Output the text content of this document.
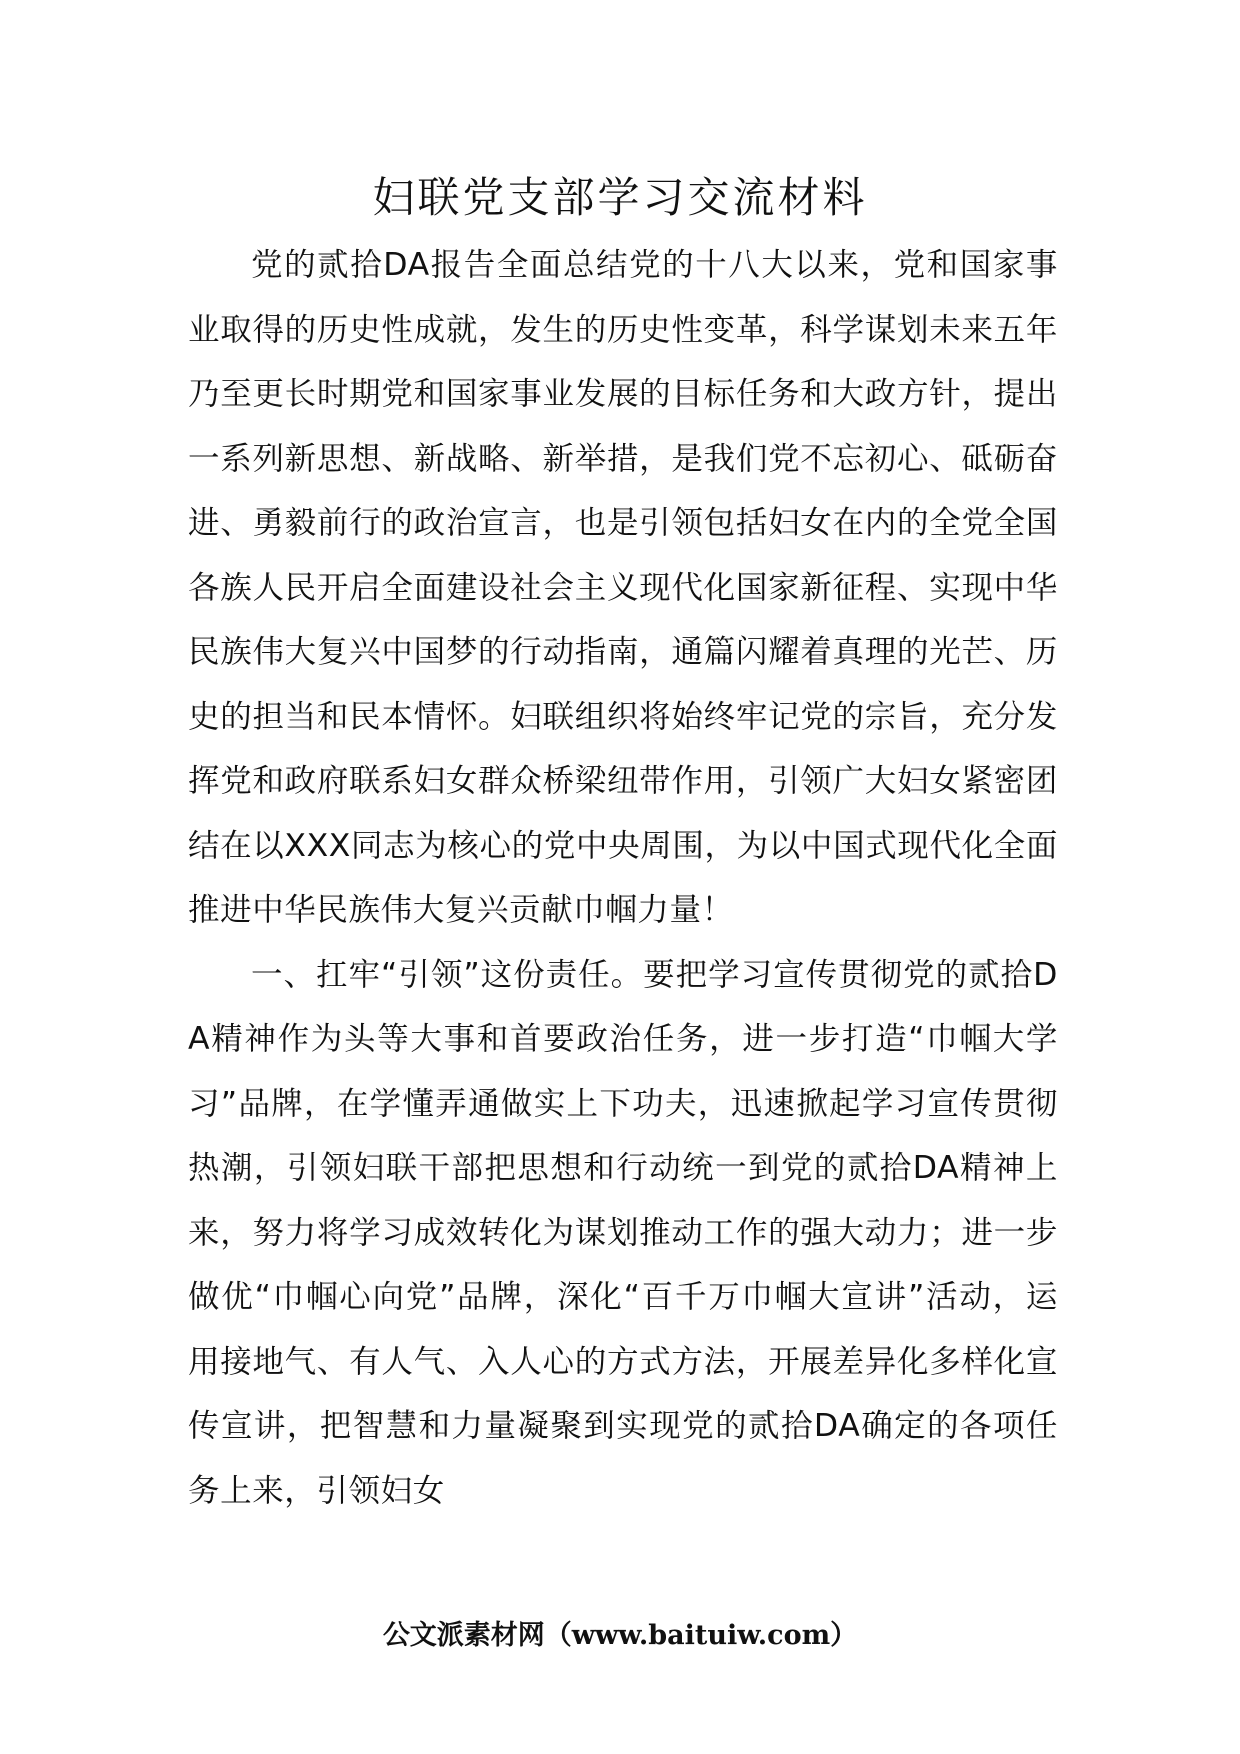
妇联党支部学习交流材料

党的贰拾DA报告全面总结党的十八大以来，党和国家事业取得的历史性成就，发生的历史性变革，科学谋划未来五年乃至更长时期党和国家事业发展的目标任务和大政方针，提出一系列新思想、新战略、新举措，是我们党不忘初心、砥砺奋进、勇毅前行的政治宣言，也是引领包括妇女在内的全党全国各族人民开启全面建设社会主义现代化国家新征程、实现中华民族伟大复兴中国梦的行动指南，通篇闪耀着真理的光芒、历史的担当和民本情怀。妇联组织将始终牢记党的宗旨，充分发挥党和政府联系妇女群众桥梁纽带作用，引领广大妇女紧密团结在以XXX同志为核心的党中央周围，为以中国式现代化全面推进中华民族伟大复兴贡献巾帼力量！

一、扛牢“引领”这份责任。要把学习宣传贯彻党的贰拾DA精神作为头等大事和首要政治任务，进一步打造“巾帼大学习”品牌，在学懂弄通做实上下功夫，迅速掀起学习宣传贯彻热潮，引领妇联干部把思想和行动统一到党的贰拾DA精神上来，努力将学习成效转化为谋划推动工作的强大动力；进一步做优“巾帼心向党”品牌，深化“百千万巾帼大宣讲”活动，运用接地气、有人气、入人心的方式方法，开展差异化多样化宣传宣讲，把智慧和力量凝聚到实现党的贰拾DA确定的各项任务上来，引领妇女

公文派素材网（www.baituiw.com）
